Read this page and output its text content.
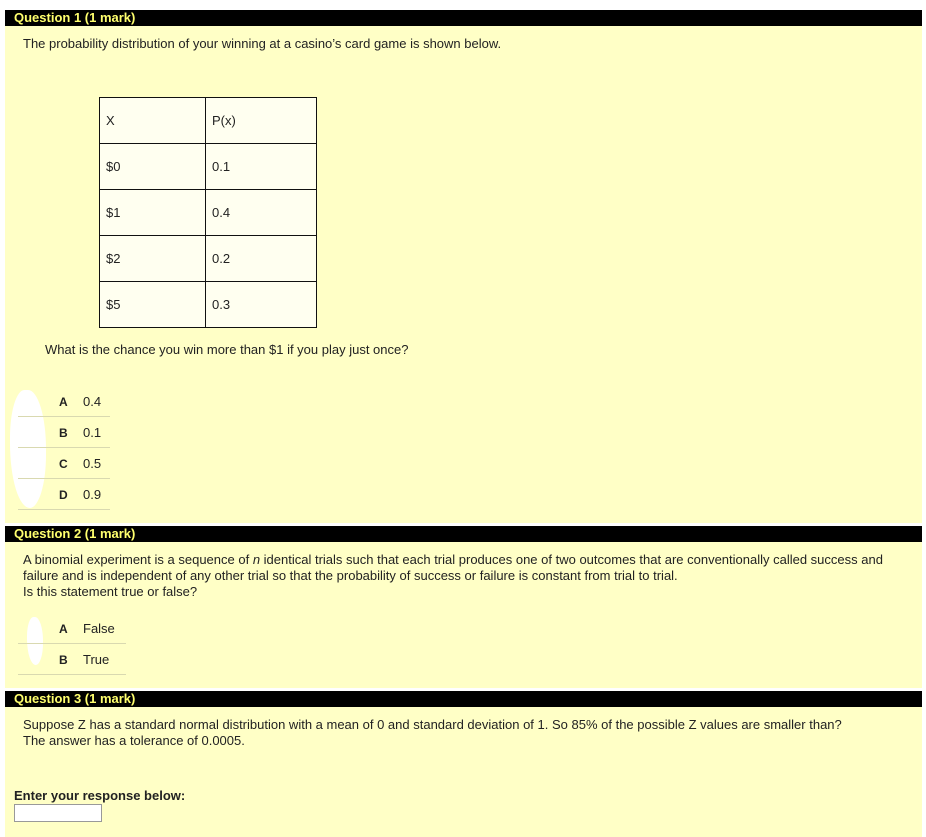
Question 1 (1 mark)
The probability distribution of your winning at a casino’s card game is shown below.
X	P(x)
$0	0.1
$1	0.4
$2	0.2
$5	0.3
What is the chance you win more than $1 if you play just once?
A 0.4
B 0.1
C 0.5
D 0.9
Question 2 (1 mark)
A binomial experiment is a sequence of n identical trials such that each trial produces one of two outcomes that are conventionally called success and failure and is independent of any other trial so that the probability of success or failure is constant from trial to trial.
Is this statement true or false?
A False
B True
Question 3 (1 mark)
Suppose Z has a standard normal distribution with a mean of 0 and standard deviation of 1. So 85% of the possible Z values are smaller than?
The answer has a tolerance of 0.0005.
Enter your response below:
